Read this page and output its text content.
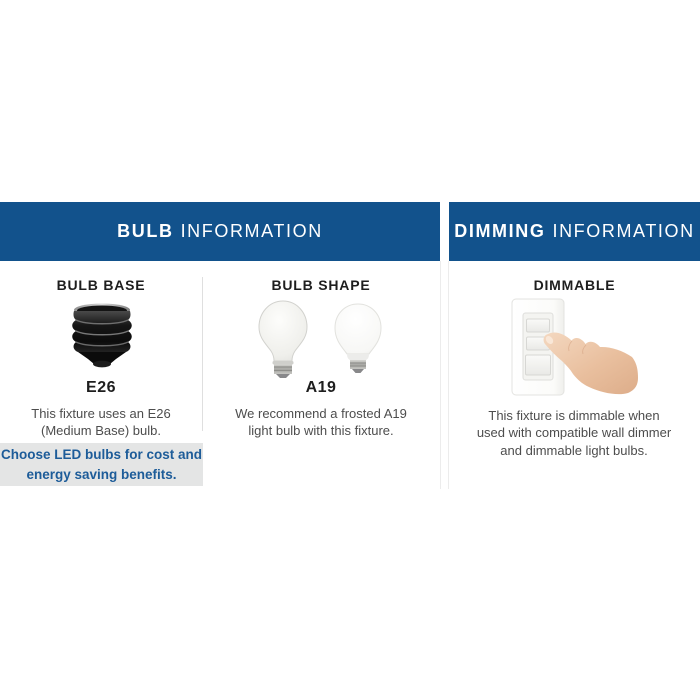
BULB INFORMATION	DIMMING INFORMATION
BULB BASE
E26
This fixture uses an E26 (Medium Base) bulb.
Choose LED bulbs for cost and energy saving benefits.
BULB SHAPE
A19
We recommend a frosted A19 light bulb with this fixture.
DIMMABLE
This fixture is dimmable when used with compatible wall dimmer and dimmable light bulbs.
